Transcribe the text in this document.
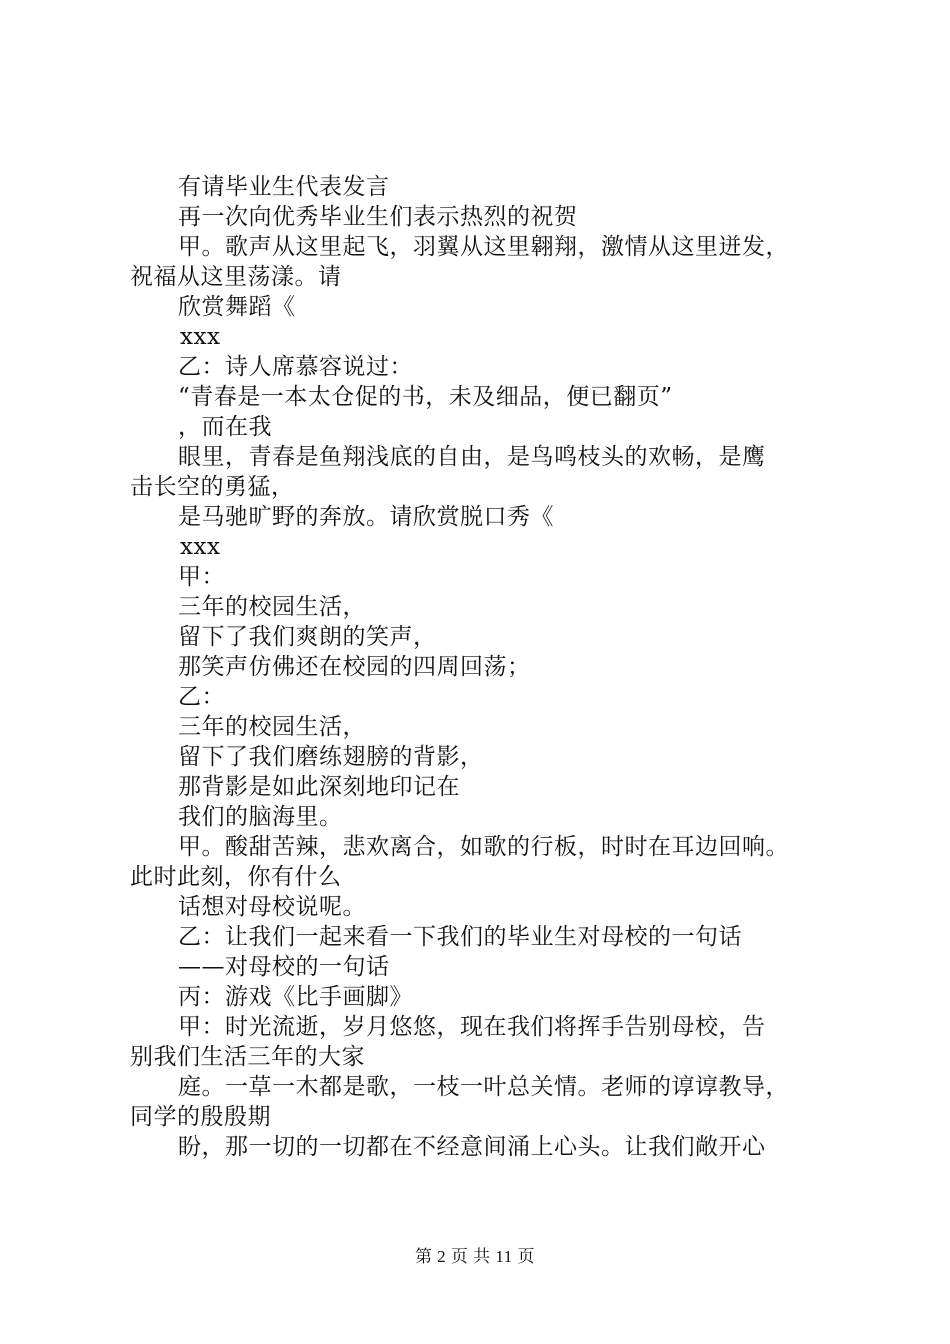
有请毕业生代表发言
再一次向优秀毕业生们表示热烈的祝贺
甲。歌声从这里起飞，羽翼从这里翱翔，激情从这里迸发，
祝福从这里荡漾。请
欣赏舞蹈《
xxx
乙：诗人席慕容说过：
“青春是一本太仓促的书，未及细品，便已翻页”
，而在我
眼里，青春是鱼翔浅底的自由，是鸟鸣枝头的欢畅，是鹰
击长空的勇猛，
是马驰旷野的奔放。请欣赏脱口秀《
xxx
甲：
三年的校园生活，
留下了我们爽朗的笑声，
那笑声仿佛还在校园的四周回荡；
乙：
三年的校园生活，
留下了我们磨练翅膀的背影，
那背影是如此深刻地印记在
我们的脑海里。
甲。酸甜苦辣，悲欢离合，如歌的行板，时时在耳边回响。
此时此刻，你有什么
话想对母校说呢。
乙：让我们一起来看一下我们的毕业生对母校的一句话
——对母校的一句话
丙：游戏《比手画脚》
甲：时光流逝，岁月悠悠，现在我们将挥手告别母校，告
别我们生活三年的大家
庭。一草一木都是歌，一枝一叶总关情。老师的谆谆教导，
同学的殷殷期
盼，那一切的一切都在不经意间涌上心头。让我们敞开心
第 2 页 共 11 页
